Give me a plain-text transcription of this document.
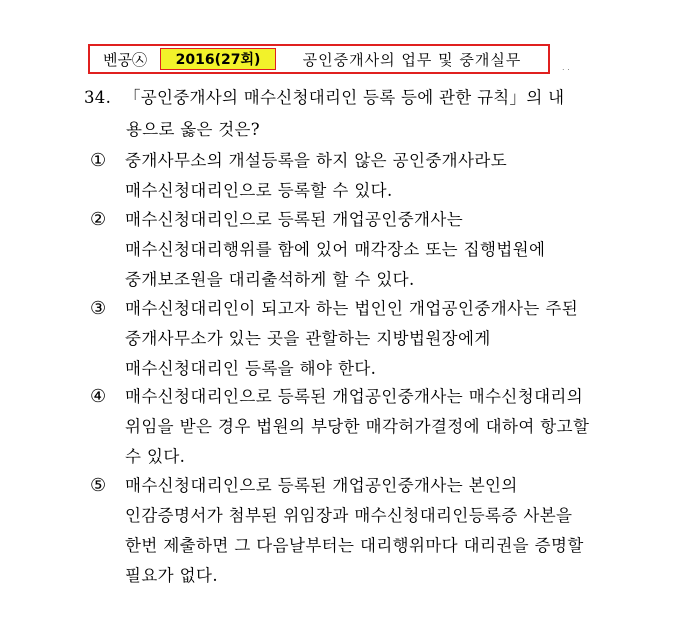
벤공㉦	2016(27회)	공인중개사의 업무 및 중개실무	. .
34. 「공인중개사의 매수신청대리인 등록 등에 관한 규칙」의 내
용으로 옳은 것은?
① 중개사무소의 개설등록을 하지 않은 공인중개사라도 매수신청대리인으로 등록할 수 있다.
② 매수신청대리인으로 등록된 개업공인중개사는 매수신청대리행위를 함에 있어 매각장소 또는 집행법원에 중개보조원을 대리출석하게 할 수 있다.
③ 매수신청대리인이 되고자 하는 법인인 개업공인중개사는 주된 중개사무소가 있는 곳을 관할하는 지방법원장에게 매수신청대리인 등록을 해야 한다.
④ 매수신청대리인으로 등록된 개업공인중개사는 매수신청대리의 위임을 받은 경우 법원의 부당한 매각허가결정에 대하여 항고할 수 있다.
⑤ 매수신청대리인으로 등록된 개업공인중개사는 본인의 인감증명서가 첨부된 위임장과 매수신청대리인등록증 사본을 한번 제출하면 그 다음날부터는 대리행위마다 대리권을 증명할 필요가 없다.
